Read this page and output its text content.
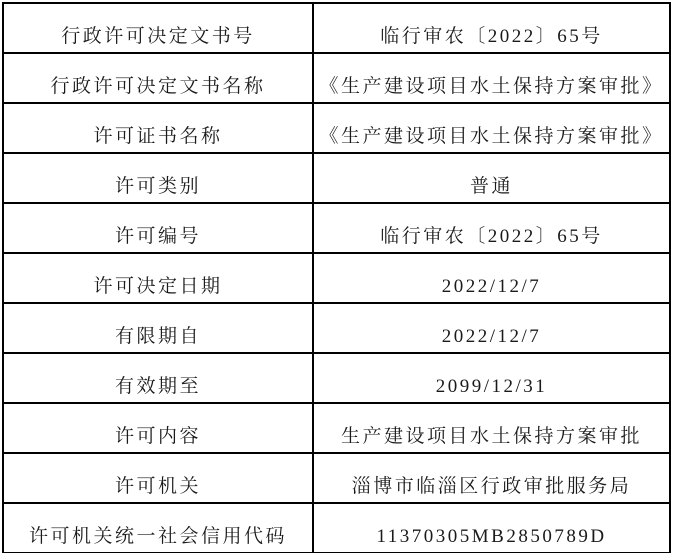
行政许可决定文书号	临行审农〔2022〕65号
行政许可决定文书名称	《生产建设项目水土保持方案审批》
许可证书名称	《生产建设项目水土保持方案审批》
许可类别	普通
许可编号	临行审农〔2022〕65号
许可决定日期	2022/12/7
有限期自	2022/12/7
有效期至	2099/12/31
许可内容	生产建设项目水土保持方案审批
许可机关	淄博市临淄区行政审批服务局
许可机关统一社会信用代码	11370305MB2850789D
